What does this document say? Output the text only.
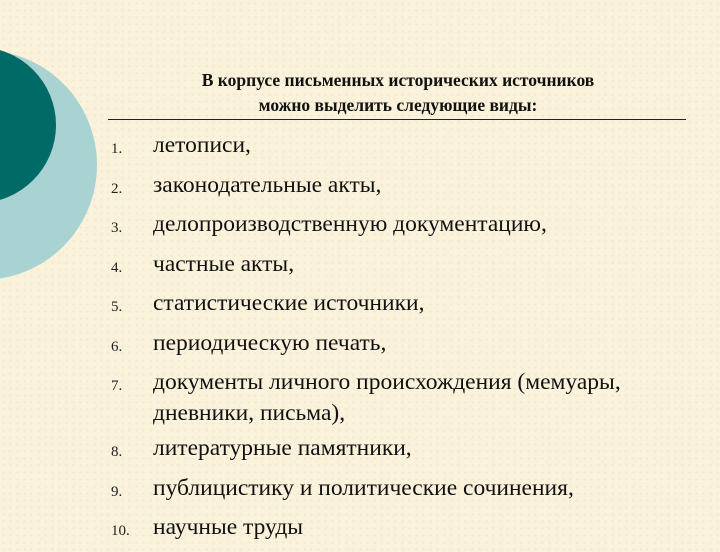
В корпусе письменных исторических источников
можно выделить следующие виды:
1.	летописи,
2.	законодательные акты,
3.	делопроизводственную документацию,
4.	частные акты,
5.	статистические источники,
6.	периодическую печать,
7.	документы личного происхождения (мемуары, дневники, письма),
8.	литературные памятники,
9.	публицистику и политические сочинения,
10. научные труды
